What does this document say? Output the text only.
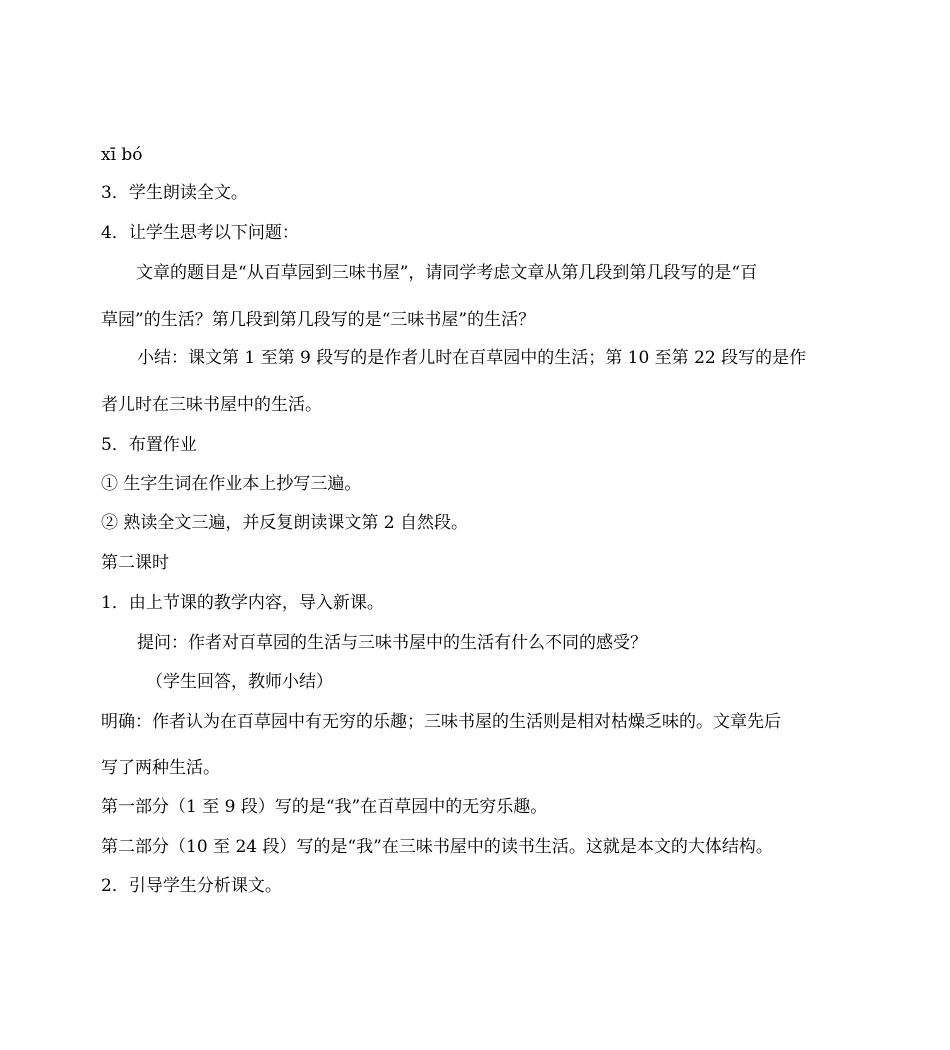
xī bó
3．学生朗读全文。
4．让学生思考以下问题：
文章的题目是“从百草园到三味书屋”，请同学考虑文章从第几段到第几段写的是“百
草园”的生活？第几段到第几段写的是“三味书屋”的生活？
小结：课文第 1 至第 9 段写的是作者儿时在百草园中的生活；第 10 至第 22 段写的是作
者儿时在三味书屋中的生活。
5．布置作业
① 生字生词在作业本上抄写三遍。
② 熟读全文三遍，并反复朗读课文第 2 自然段。
第二课时
1．由上节课的教学内容，导入新课。
提问：作者对百草园的生活与三味书屋中的生活有什么不同的感受？
（学生回答，教师小结）
明确：作者认为在百草园中有无穷的乐趣；三味书屋的生活则是相对枯燥乏味的。文章先后
写了两种生活。
第一部分（1 至 9 段）写的是“我”在百草园中的无穷乐趣。
第二部分（10 至 24 段）写的是“我”在三味书屋中的读书生活。这就是本文的大体结构。
2．引导学生分析课文。
